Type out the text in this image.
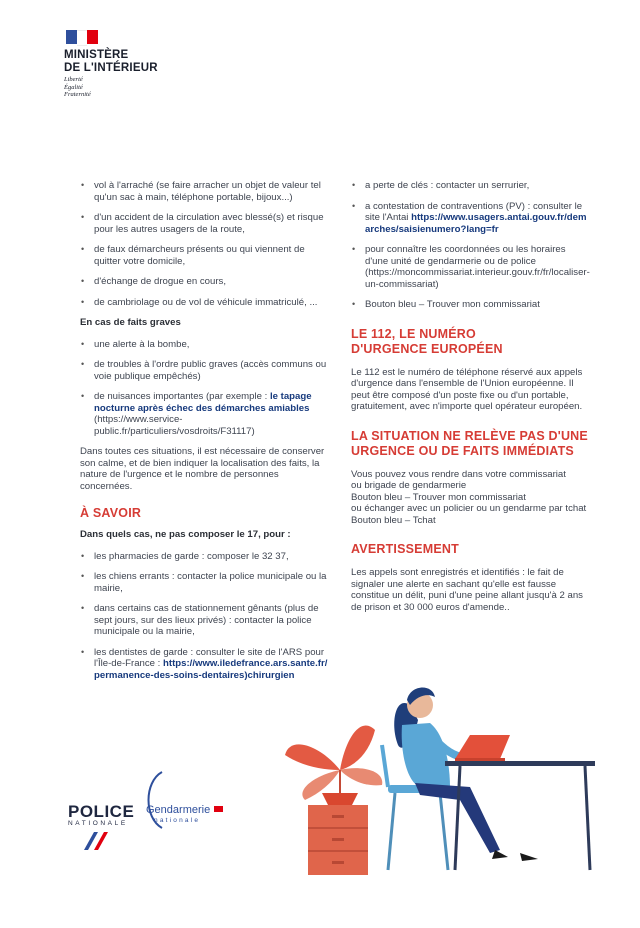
MINISTÈRE
DE L'INTÉRIEUR
Liberté
Égalité
Fraternité
• vol à l'arraché (se faire arracher un objet de valeur tel qu'un sac à main, téléphone portable, bijoux...)
• d'un accident de la circulation avec blessé(s) et risque pour les autres usagers de la route,
• de faux démarcheurs présents ou qui viennent de quitter votre domicile,
• d'échange de drogue en cours,
• de cambriolage ou de vol de véhicule immatriculé, ...
En cas de faits graves
• une alerte à la bombe,
• de troubles à l'ordre public graves (accès communs ou voie publique empêchés)
• de nuisances importantes (par exemple : le tapage nocturne après échec des démarches amiables (https://www.service-public.fr/particuliers/vosdroits/F31117)

Dans toutes ces situations, il est nécessaire de conserver son calme, et de bien indiquer la localisation des faits, la nature de l'urgence et le nombre de personnes concernées.

À SAVOIR
Dans quels cas, ne pas composer le 17, pour :
• les pharmacies de garde : composer le 32 37,
• les chiens errants : contacter la police municipale ou la mairie,
• dans certains cas de stationnement gênants (plus de sept jours, sur des lieux privés) : contacter la police municipale ou la mairie,
• les dentistes de garde : consulter le site de l'ARS pour l'Île-de-France : https://www.iledefrance.ars.sante.fr/permanence-des-soins-dentaires)chirurgien
• a perte de clés : contacter un serrurier,
• a contestation de contraventions (PV) : consulter le site l'Antai https://www.usagers.antai.gouv.fr/demarches/saisienumero?lang=fr
• pour connaître les coordonnées ou les horaires d'une unité de gendarmerie ou de police (https://moncommissariat.interieur.gouv.fr/fr/localiser-un-commissariat)
• Bouton bleu – Trouver mon commissariat
LE 112, LE NUMÉRO
D'URGENCE EUROPÉEN

Le 112 est le numéro de téléphone réservé aux appels d'urgence dans l'ensemble de l'Union européenne. Il peut être composé d'un poste fixe ou d'un portable, gratuitement, avec n'importe quel opérateur européen.

LA SITUATION NE RELÈVE PAS D'UNE
URGENCE OU DE FAITS IMMÉDIATS
Vous pouvez vous rendre dans votre commissariat
ou brigade de gendarmerie
Bouton bleu – Trouver mon commissariat
ou échanger avec un policier ou un gendarme par tchat
Bouton bleu – Tchat
AVERTISSEMENT

Les appels sont enregistrés et identifiés : le fait de signaler une alerte en sachant qu'elle est fausse constitue un délit, puni d'une peine allant jusqu'à 2 ans de prison et 30 000 euros d'amende..

POLICE
NATIONALE
Gendarmerie
nationale
